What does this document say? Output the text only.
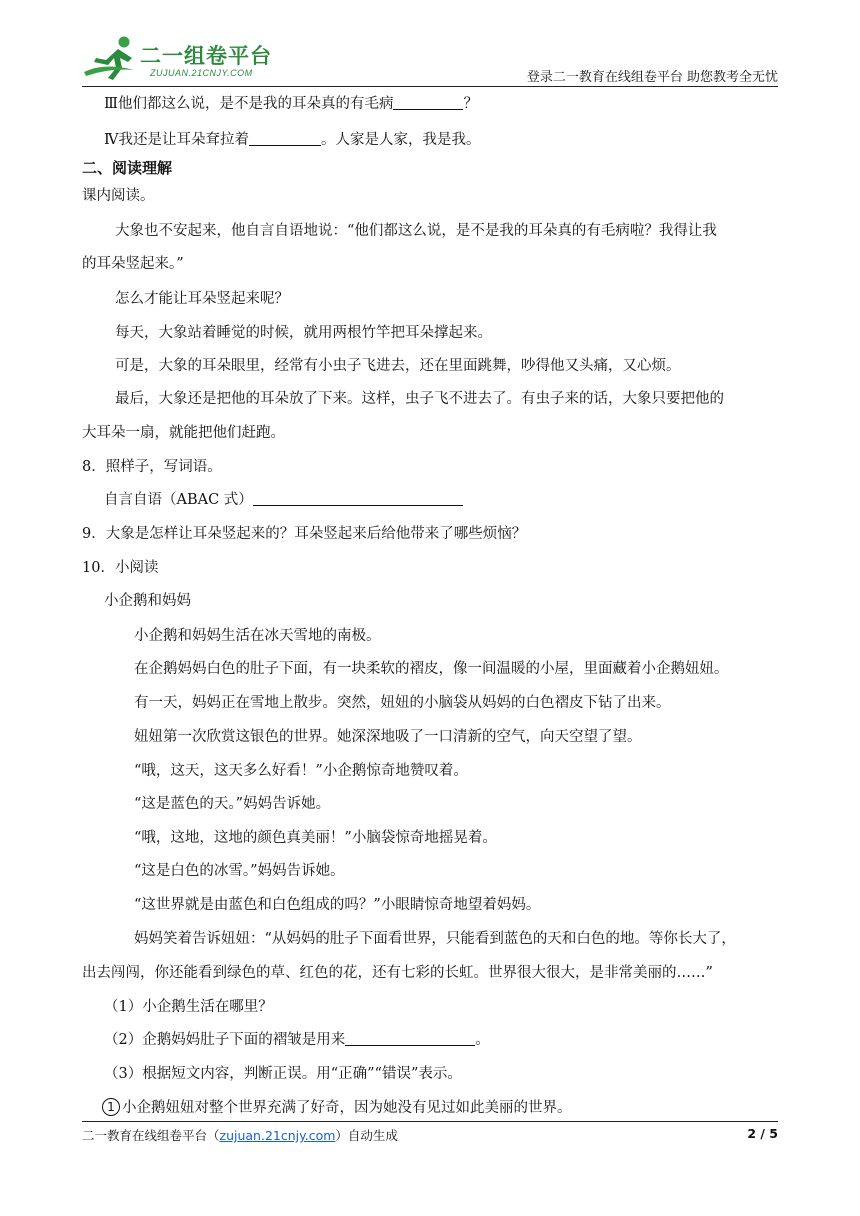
二一组卷平台
ZUJUAN.21CNJY.COM	登录二一教育在线组卷平台 助您教考全无忧
Ⅲ他们都这么说，是不是我的耳朵真的有毛病	？
Ⅳ我还是让耳朵耷拉着	。人家是人家，我是我。
二、阅读理解
课内阅读。
大象也不安起来，他自言自语地说：“他们都这么说，是不是我的耳朵真的有毛病啦？我得让我
的耳朵竖起来。”
怎么才能让耳朵竖起来呢？
每天，大象站着睡觉的时候，就用两根竹竿把耳朵撑起来。
可是，大象的耳朵眼里，经常有小虫子飞进去，还在里面跳舞，吵得他又头痛，又心烦。
最后，大象还是把他的耳朵放了下来。这样，虫子飞不进去了。有虫子来的话，大象只要把他的
大耳朵一扇，就能把他们赶跑。
8．照样子，写词语。
自言自语（ABAC 式）
9．大象是怎样让耳朵竖起来的？耳朵竖起来后给他带来了哪些烦恼？
10．小阅读
小企鹅和妈妈
小企鹅和妈妈生活在冰天雪地的南极。
在企鹅妈妈白色的肚子下面，有一块柔软的褶皮，像一间温暖的小屋，里面藏着小企鹅妞妞。
有一天，妈妈正在雪地上散步。突然，妞妞的小脑袋从妈妈的白色褶皮下钻了出来。
妞妞第一次欣赏这银色的世界。她深深地吸了一口清新的空气，向天空望了望。
“哦，这天，这天多么好看！”小企鹅惊奇地赞叹着。
“这是蓝色的天。”妈妈告诉她。
“哦，这地，这地的颜色真美丽！”小脑袋惊奇地摇晃着。
“这是白色的冰雪。”妈妈告诉她。
“这世界就是由蓝色和白色组成的吗？”小眼睛惊奇地望着妈妈。
妈妈笑着告诉妞妞：“从妈妈的肚子下面看世界，只能看到蓝色的天和白色的地。等你长大了，
出去闯闯，你还能看到绿色的草、红色的花，还有七彩的长虹。世界很大很大，是非常美丽的……”
（1）小企鹅生活在哪里？
（2）企鹅妈妈肚子下面的褶皱是用来	。
（3）根据短文内容，判断正误。用“正确”“错误”表示。
1 小企鹅妞妞对整个世界充满了好奇，因为她没有见过如此美丽的世界。
二一教育在线组卷平台（zujuan.21cnjy.com）自动生成	2 / 5
